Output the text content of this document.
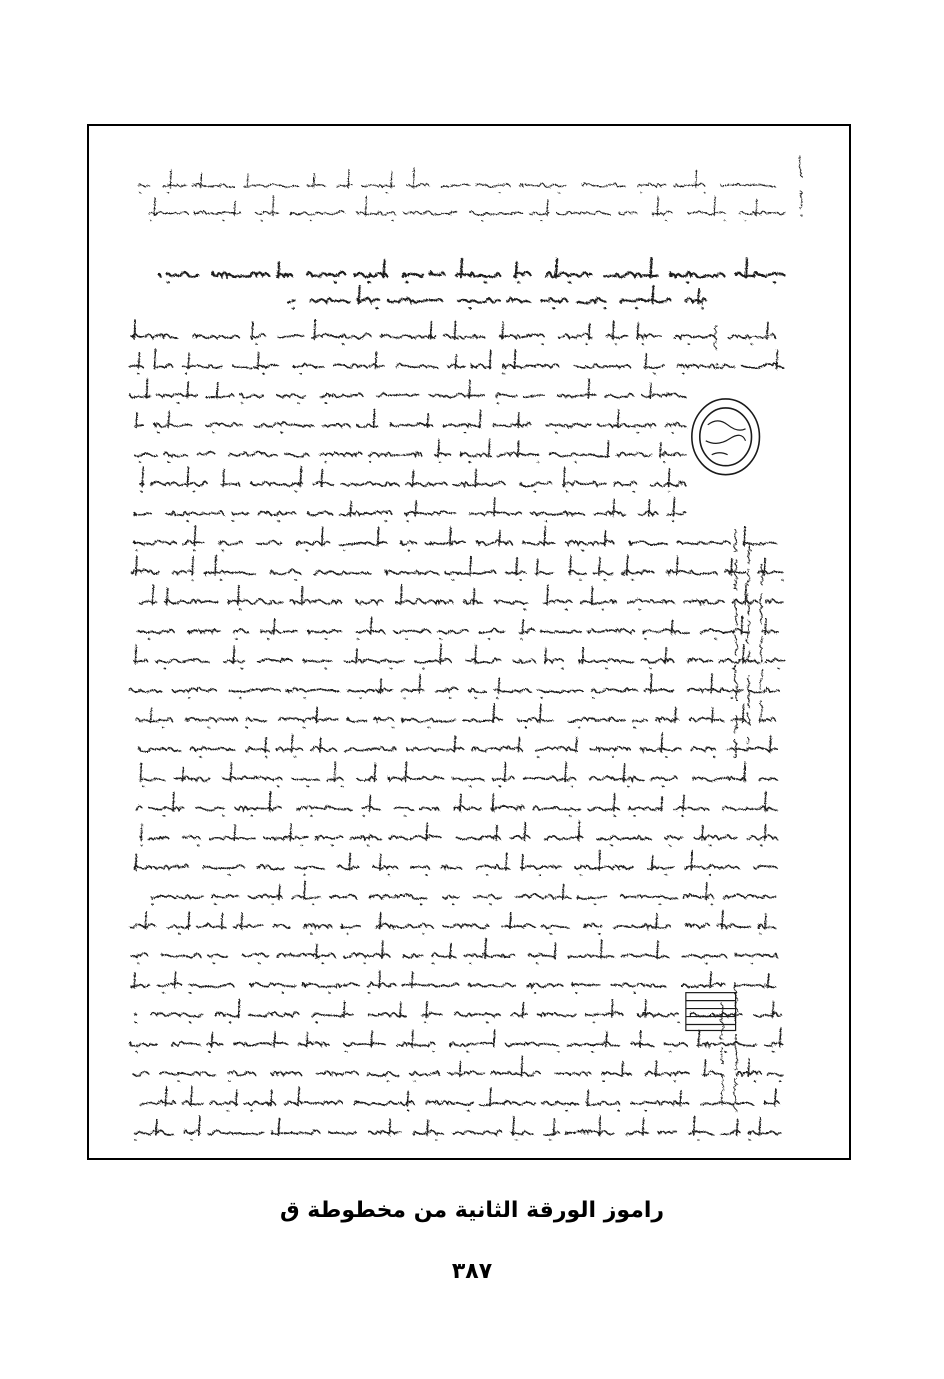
راموز الورقة الثانية من مخطوطة ق
٣٨٧
